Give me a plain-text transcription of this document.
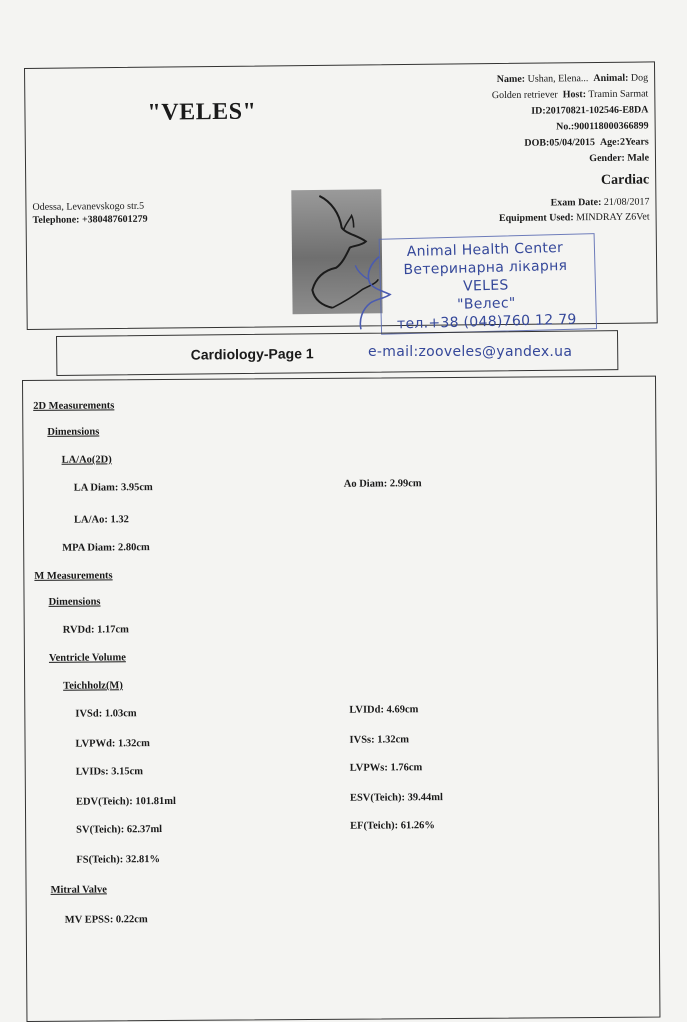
"VELES"
Odessa, Levanevskogo str.5
Telephone: +380487601279
Name: Ushan, Elena... Animal: Dog
Golden retriever Host: Tramin Sarmat
ID:20170821-102546-E8DA
No.:900118000366899
DOB:05/04/2015 Age:2Years
Gender: Male
Cardiac
Exam Date: 21/08/2017
Equipment Used: MINDRAY Z6Vet
Animal Health Center
Ветеринарна лікарня
VELES
"Велес"
тел.+38 (048)760 12 79
Cardiology-Page 1	e-mail:zooveles@yandex.ua
2D Measurements
Dimensions
LA/Ao(2D)
LA Diam: 3.95cm	Ao Diam: 2.99cm
LA/Ao: 1.32
MPA Diam: 2.80cm
M Measurements
Dimensions
RVDd: 1.17cm
Ventricle Volume
Teichholz(M)
IVSd: 1.03cm	LVIDd: 4.69cm
LVPWd: 1.32cm	IVSs: 1.32cm
LVIDs: 3.15cm	LVPWs: 1.76cm
EDV(Teich): 101.81ml	ESV(Teich): 39.44ml
SV(Teich): 62.37ml	EF(Teich): 61.26%
FS(Teich): 32.81%
Mitral Valve
MV EPSS: 0.22cm
